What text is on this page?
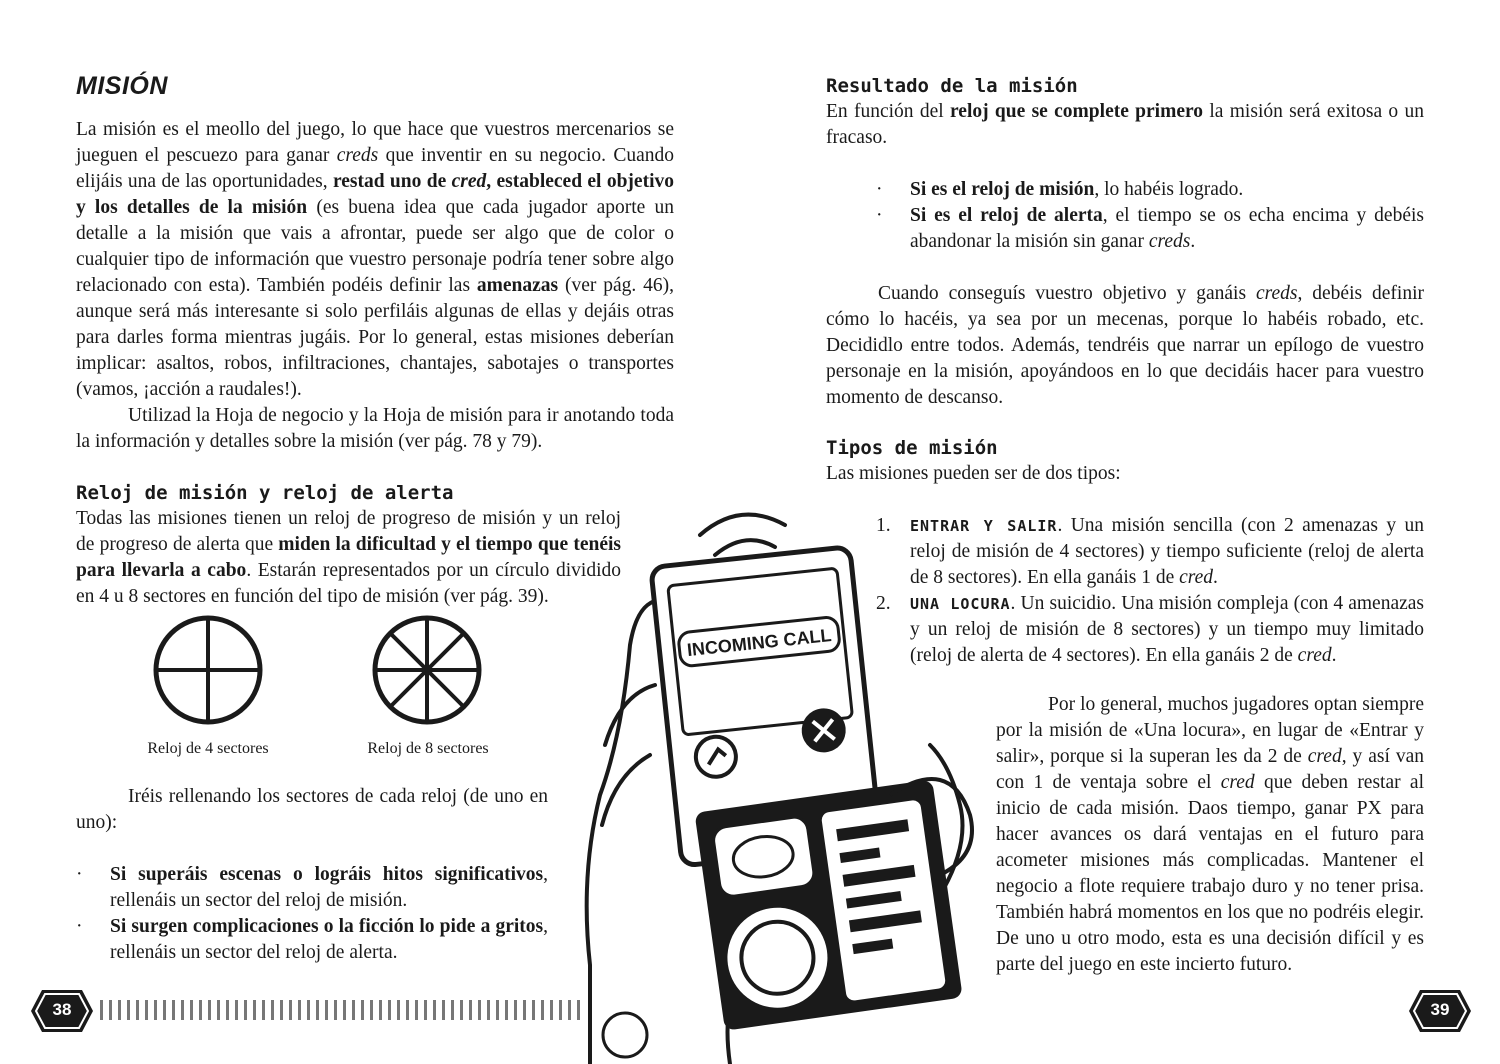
MISIÓN

La misión es el meollo del juego, lo que hace que vuestros mercenarios se jueguen el pescuezo para ganar creds que inventir en su negocio. Cuando elijáis una de las oportunidades, restad uno de cred, estableced el objetivo y los detalles de la misión (es buena idea que cada jugador aporte un detalle a la misión que vais a afrontar, puede ser algo que de color o cualquier tipo de información que vuestro personaje podría tener sobre algo relacionado con esta). También podéis definir las amenazas (ver pág. 46), aunque será más interesante si solo perfiláis algunas de ellas y dejáis otras para darles forma mientras jugáis. Por lo general, estas misiones deberían implicar: asaltos, robos, infiltraciones, chantajes, sabotajes o transportes (vamos, ¡acción a raudales!).

Utilizad la Hoja de negocio y la Hoja de misión para ir anotando toda la información y detalles sobre la misión (ver pág. 78 y 79).

Reloj de misión y reloj de alerta

Todas las misiones tienen un reloj de progreso de misión y un reloj de progreso de alerta que miden la dificultad y el tiempo que tenéis para llevarla a cabo. Estarán representados por un círculo dividido en 4 u 8 sectores en función del tipo de misión (ver pág. 39).

Reloj de 4 sectores	Reloj de 8 sectores

Iréis rellenando los sectores de cada reloj (de uno en uno):

· Si superáis escenas o lográis hitos significativos, rellenáis un sector del reloj de misión.
· Si surgen complicaciones o la ficción lo pide a gritos, rellenáis un sector del reloj de alerta.
38
INCOMING CALL
Resultado de la misión

En función del reloj que se complete primero la misión será exitosa o un fracaso.

· Si es el reloj de misión, lo habéis logrado.
· Si es el reloj de alerta, el tiempo se os echa encima y debéis abandonar la misión sin ganar creds.

Cuando conseguís vuestro objetivo y ganáis creds, debéis definir cómo lo hacéis, ya sea por un mecenas, porque lo habéis robado, etc. Decididlo entre todos. Además, tendréis que narrar un epílogo de vuestro personaje en la misión, apoyándoos en lo que decidáis hacer para vuestro momento de descanso.

Tipos de misión
Las misiones pueden ser de dos tipos:
1. ENTRAR Y SALIR. Una misión sencilla (con 2 amenazas y un reloj de misión de 4 sectores) y tiempo suficiente (reloj de alerta de 8 sectores). En ella ganáis 1 de cred.
2. UNA LOCURA. Un suicidio. Una misión compleja (con 4 amenazas y un reloj de misión de 8 sectores) y un tiempo muy limitado (reloj de alerta de 4 sectores). En ella ganáis 2 de cred.

Por lo general, muchos jugadores optan siempre por la misión de «Una locura», en lugar de «Entrar y salir», porque si la superan les da 2 de cred, y así van con 1 de ventaja sobre el cred que deben restar al inicio de cada misión. Daos tiempo, ganar PX para hacer avances os dará ventajas en el futuro para acometer misiones más complicadas. Mantener el negocio a flote requiere trabajo duro y no tener prisa. También habrá momentos en los que no podréis elegir. De uno u otro modo, esta es una decisión difícil y es parte del juego en este incierto futuro.

39
